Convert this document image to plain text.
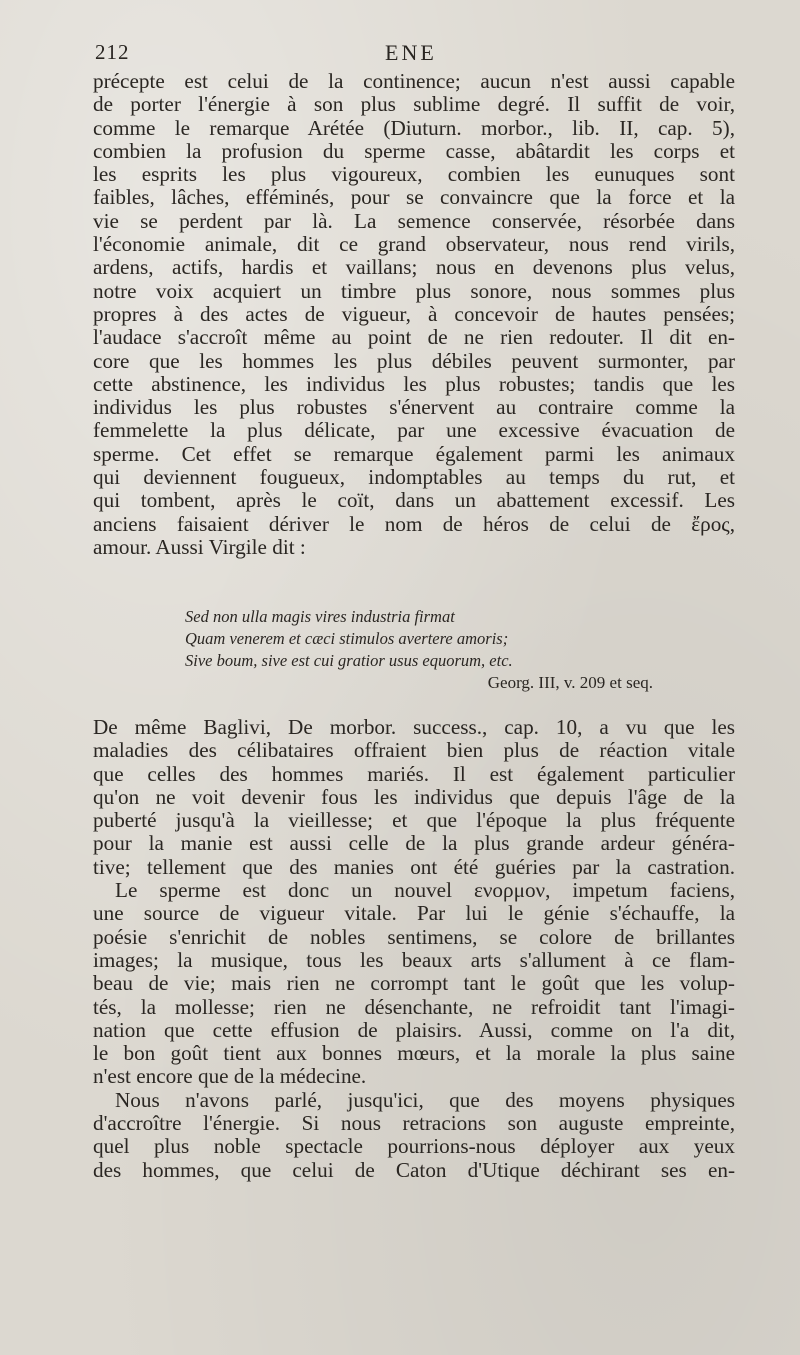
212	ENE
précepte est celui de la continence; aucun n'est aussi capable
de porter l'énergie à son plus sublime degré. Il suffit de voir,
comme le remarque Arétée (Diuturn. morbor., lib. II, cap. 5),
combien la profusion du sperme casse, abâtardit les corps et
les esprits les plus vigoureux, combien les eunuques sont
faibles, lâches, efféminés, pour se convaincre que la force et la
vie se perdent par là. La semence conservée, résorbée dans
l'économie animale, dit ce grand observateur, nous rend virils,
ardens, actifs, hardis et vaillans; nous en devenons plus velus,
notre voix acquiert un timbre plus sonore, nous sommes plus
propres à des actes de vigueur, à concevoir de hautes pensées;
l'audace s'accroît même au point de ne rien redouter. Il dit en-
core que les hommes les plus débiles peuvent surmonter, par
cette abstinence, les individus les plus robustes; tandis que les
individus les plus robustes s'énervent au contraire comme la
femmelette la plus délicate, par une excessive évacuation de
sperme. Cet effet se remarque également parmi les animaux
qui deviennent fougueux, indomptables au temps du rut, et
qui tombent, après le coït, dans un abattement excessif. Les
anciens faisaient dériver le nom de héros de celui de ἔρος,
amour. Aussi Virgile dit :
Sed non ulla magis vires industria firmat
Quam venerem et cæci stimulos avertere amoris;
Sive boum, sive est cui gratior usus equorum, etc.
Georg. III, v. 209 et seq.
De même Baglivi, De morbor. success., cap. 10, a vu que les
maladies des célibataires offraient bien plus de réaction vitale
que celles des hommes mariés. Il est également particulier
qu'on ne voit devenir fous les individus que depuis l'âge de la
puberté jusqu'à la vieillesse; et que l'époque la plus fréquente
pour la manie est aussi celle de la plus grande ardeur généra-
tive; tellement que des manies ont été guéries par la castration.
Le sperme est donc un nouvel ενορμον, impetum faciens,
une source de vigueur vitale. Par lui le génie s'échauffe, la
poésie s'enrichit de nobles sentimens, se colore de brillantes
images; la musique, tous les beaux arts s'allument à ce flam-
beau de vie; mais rien ne corrompt tant le goût que les volup-
tés, la mollesse; rien ne désenchante, ne refroidit tant l'imagi-
nation que cette effusion de plaisirs. Aussi, comme on l'a dit,
le bon goût tient aux bonnes mœurs, et la morale la plus saine
n'est encore que de la médecine.
Nous n'avons parlé, jusqu'ici, que des moyens physiques
d'accroître l'énergie. Si nous retracions son auguste empreinte,
quel plus noble spectacle pourrions-nous déployer aux yeux
des hommes, que celui de Caton d'Utique déchirant ses en-
